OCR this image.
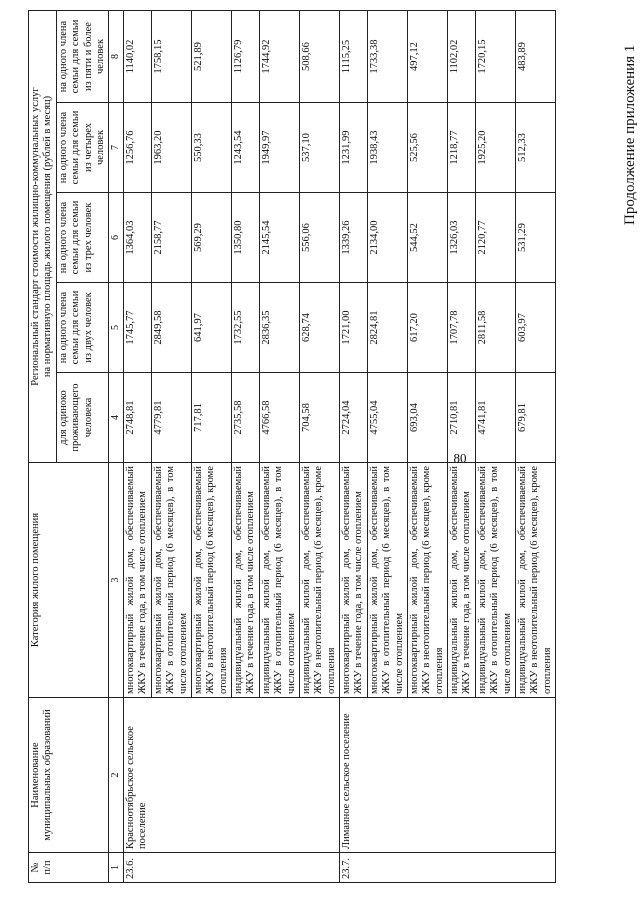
80
Продолжение приложения 1
№
п/п	Наименование
муниципальных образований	Категория жилого помещения	Региональный стандарт стоимости жилищно-коммунальных услуг
на нормативную площадь жилого помещения (рублей в месяц)				
			для одиноко проживающего человека	на одного члена семьи для семьи из двух человек	на одного члена семьи для семьи из трех человек	на одного члена семьи для семьи из четырех человек	на одного члена семьи для семьи из пяти и более человек
1	2	3	4	5	6	7	8
23.6.	Красноотябрьское сельское поселение	многоквартирный жилой дом, обеспечиваемый ЖКУ в течение года, в том числе отоплением	2748,81	1745,77	1364,03	1256,76	1140,02
		многоквартирный жилой дом, обеспечиваемый ЖКУ в отопительный период (6 месяцев), в том числе отоплением	4779,81	2849,58	2158,77	1963,20	1758,15
		многоквартирный жилой дом, обеспечиваемый ЖКУ в неотопительный период (6 месяцев), кроме отопления	717,81	641,97	569,29	550,33	521,89
		индивидуальный жилой дом, обеспечиваемый ЖКУ в течение года, в том числе отоплением	2735,58	1732,55	1350,80	1243,54	1126,79
		индивидуальный жилой дом, обеспечиваемый ЖКУ в отопительный период (6 месяцев), в том числе отоплением	4766,58	2836,35	2145,54	1949,97	1744,92
		индивидуальный жилой дом, обеспечиваемый ЖКУ в неотопительный период (6 месяцев), кроме отопления	704,58	628,74	556,06	537,10	508,66
23.7.	Лиманное сельское поселение	многоквартирный жилой дом, обеспечиваемый ЖКУ в течение года, в том числе отоплением	2724,04	1721,00	1339,26	1231,99	1115,25
		многоквартирный жилой дом, обеспечиваемый ЖКУ в отопительный период (6 месяцев), в том числе отоплением	4755,04	2824,81	2134,00	1938,43	1733,38
		многоквартирный жилой дом, обеспечиваемый ЖКУ в неотопительный период (6 месяцев), кроме отопления	693,04	617,20	544,52	525,56	497,12
		индивидуальный жилой дом, обеспечиваемый ЖКУ в течение года, в том числе отоплением	2710,81	1707,78	1326,03	1218,77	1102,02
		индивидуальный жилой дом, обеспечиваемый ЖКУ в отопительный период (6 месяцев), в том числе отоплением	4741,81	2811,58	2120,77	1925,20	1720,15
		индивидуальный жилой дом, обеспечиваемый ЖКУ в неотопительный период (6 месяцев), кроме отопления	679,81	603,97	531,29	512,33	483,89
